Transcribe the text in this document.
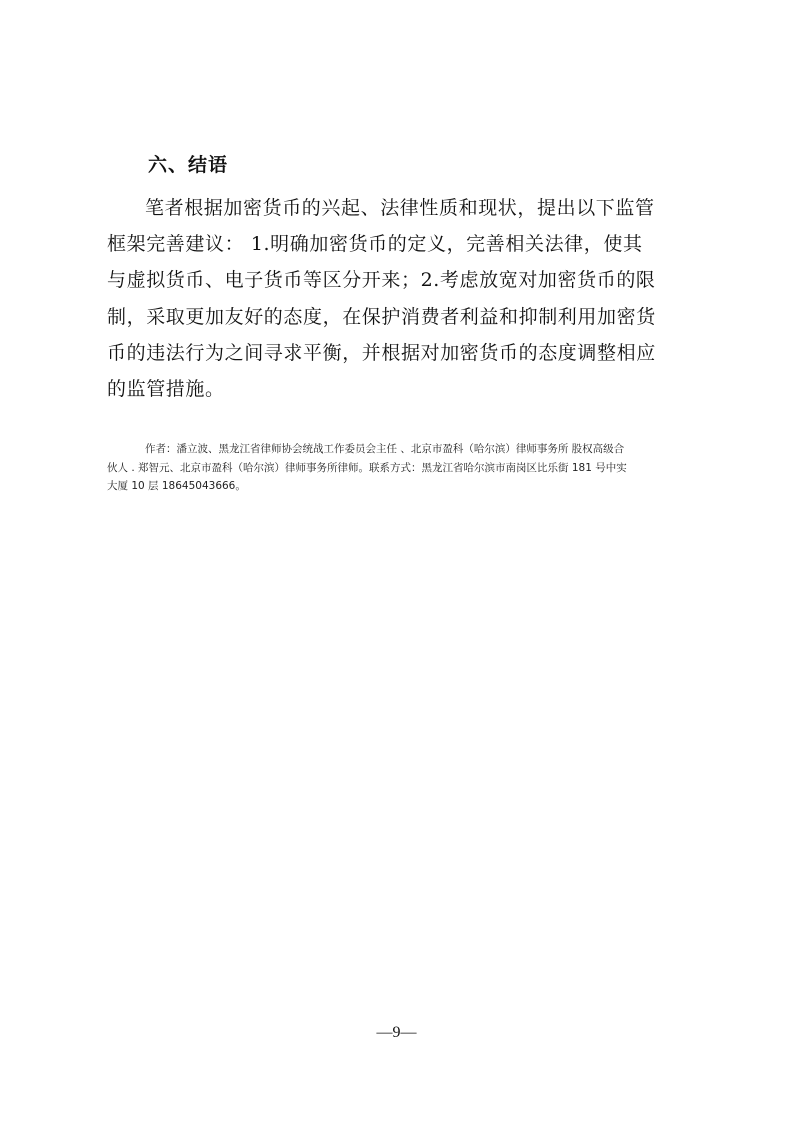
六、结语
笔者根据加密货币的兴起、法律性质和现状，提出以下监管
框架完善建议： 1.明确加密货币的定义，完善相关法律，使其
与虚拟货币、电子货币等区分开来；2.考虑放宽对加密货币的限
制，采取更加友好的态度，在保护消费者利益和抑制利用加密货
币的违法行为之间寻求平衡，并根据对加密货币的态度调整相应
的监管措施。
作者：潘立波、黑龙江省律师协会统战工作委员会主任 、北京市盈科（哈尔滨）律师事务所 股权高级合
伙人 . 郑智元、北京市盈科（哈尔滨）律师事务所律师。联系方式：黑龙江省哈尔滨市南岗区比乐街 181 号中实
大厦 10 层 18645043666。
—9—
